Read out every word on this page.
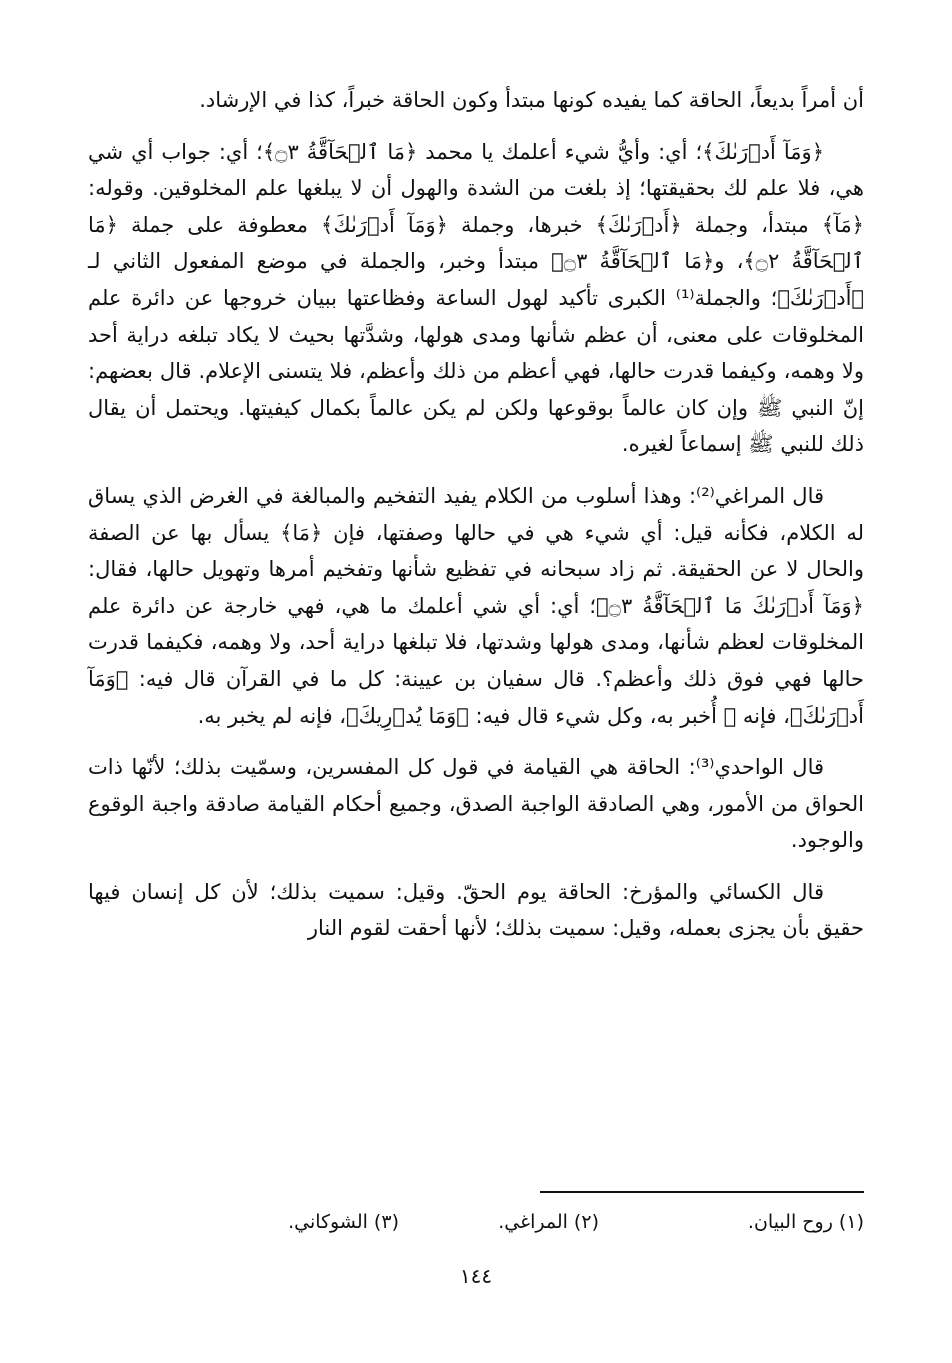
أن أمراً بديعاً، الحاقة كما يفيده كونها مبتدأ وكون الحاقة خبراً، كذا في الإرشاد.

﴿وَمَآ أَدۡرَىٰكَ﴾؛ أي: وأيُّ شيء أعلمك يا محمد ﴿مَا ٱلۡحَآقَّةُ ۝٣﴾؛ أي: جواب أي شي هي، فلا علم لك بحقيقتها؛ إذ بلغت من الشدة والهول أن لا يبلغها علم المخلوقين. وقوله: ﴿مَآ﴾ مبتدأ، وجملة ﴿أَدۡرَىٰكَ﴾ خبرها، وجملة ﴿وَمَآ أَدۡرَىٰكَ﴾ معطوفة على جملة ﴿مَا ٱلۡحَآقَّةُ ۝٢﴾، و﴿مَا ٱلۡحَآقَّةُ ۝٣﴾ مبتدأ وخبر، والجملة في موضع المفعول الثاني لـ ﴿أَدۡرَىٰكَ﴾؛ والجملة⁽¹⁾ الكبرى تأكيد لهول الساعة وفظاعتها ببيان خروجها عن دائرة علم المخلوقات على معنى، أن عظم شأنها ومدى هولها، وشدَّتها بحيث لا يكاد تبلغه دراية أحد ولا وهمه، وكيفما قدرت حالها، فهي أعظم من ذلك وأعظم، فلا يتسنى الإعلام. قال بعضهم: إنّ النبي ﷺ وإن كان عالماً بوقوعها ولكن لم يكن عالماً بكمال كيفيتها. ويحتمل أن يقال ذلك للنبي ﷺ إسماعاً لغيره.

قال المراغي⁽²⁾: وهذا أسلوب من الكلام يفيد التفخيم والمبالغة في الغرض الذي يساق له الكلام، فكأنه قيل: أي شيء هي في حالها وصفتها، فإن ﴿مَا﴾ يسأل بها عن الصفة والحال لا عن الحقيقة. ثم زاد سبحانه في تفظيع شأنها وتفخيم أمرها وتهويل حالها، فقال: ﴿وَمَآ أَدۡرَىٰكَ مَا ٱلۡحَآقَّةُ ۝٣﴾؛ أي: أي شي أعلمك ما هي، فهي خارجة عن دائرة علم المخلوقات لعظم شأنها، ومدى هولها وشدتها، فلا تبلغها دراية أحد، ولا وهمه، فكيفما قدرت حالها فهي فوق ذلك وأعظم؟. قال سفيان بن عيينة: كل ما في القرآن قال فيه: ﴿وَمَآ أَدۡرَىٰكَ﴾، فإنه ﷺ أُخبر به، وكل شيء قال فيه: ﴿وَمَا يُدۡرِيكَ﴾، فإنه لم يخبر به.

قال الواحدي⁽³⁾: الحاقة هي القيامة في قول كل المفسرين، وسمّيت بذلك؛ لأنّها ذات الحواق من الأمور، وهي الصادقة الواجبة الصدق، وجميع أحكام القيامة صادقة واجبة الوقوع والوجود.

قال الكسائي والمؤرخ: الحاقة يوم الحقّ. وقيل: سميت بذلك؛ لأن كل إنسان فيها حقيق بأن يجزى بعمله، وقيل: سميت بذلك؛ لأنها أحقت لقوم النار

(١) روح البيان.
(٢) المراغي.
(٣) الشوكاني.
١٤٤
